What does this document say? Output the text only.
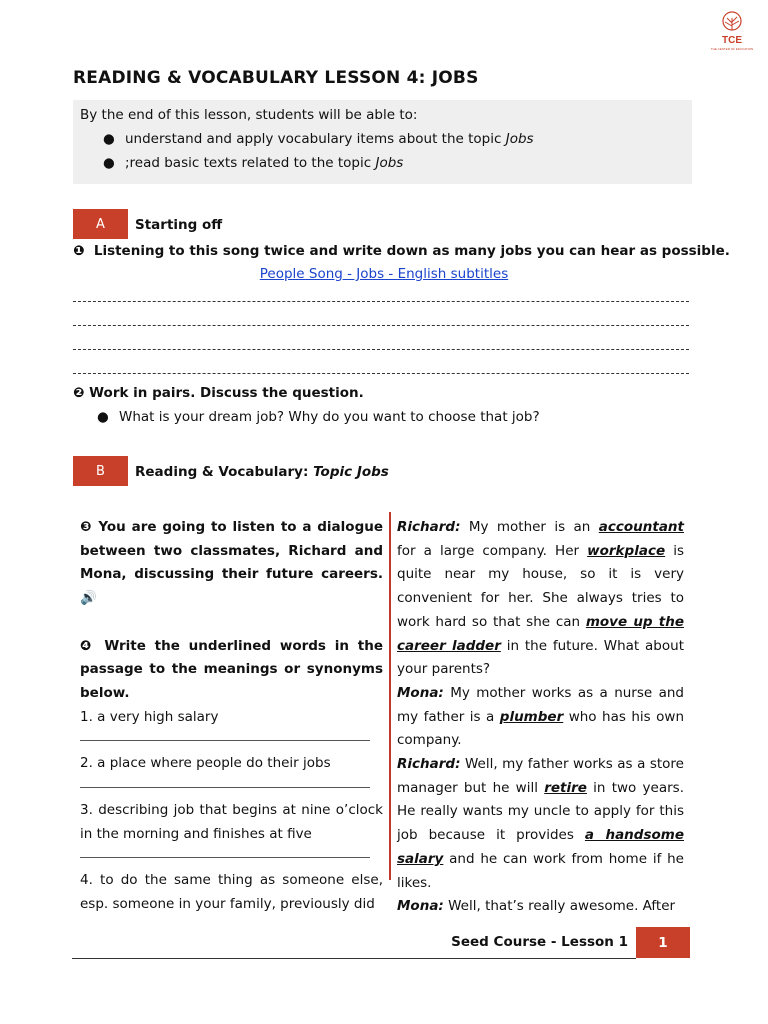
TCE
THE CENTER OF EDUCATION
READING & VOCABULARY LESSON 4: JOBS
By the end of this lesson, students will be able to:
● understand and apply vocabulary items about the topic Jobs
● ;read basic texts related to the topic Jobs
A	Starting off
❶ Listening to this song twice and write down as many jobs you can hear as possible.
People Song - Jobs - English subtitles
❷ Work in pairs. Discuss the question.
● What is your dream job? Why do you want to choose that job?
B	Reading & Vocabulary: Topic Jobs
❸ You are going to listen to a dialogue between two classmates, Richard and Mona, discussing their future careers. 🔊
❹ Write the underlined words in the passage to the meanings or synonyms below.
1. a very high salary
2. a place where people do their jobs
3. describing job that begins at nine o’clock in the morning and finishes at five
4. to do the same thing as someone else, esp. someone in your family, previously did
Richard: My mother is an accountant for a large company. Her workplace is quite near my house, so it is very convenient for her. She always tries to work hard so that she can move up the career ladder in the future. What about your parents?
Mona: My mother works as a nurse and my father is a plumber who has his own company.
Richard: Well, my father works as a store manager but he will retire in two years. He really wants my uncle to apply for this job because it provides a handsome salary and he can work from home if he likes.
Mona: Well, that’s really awesome. After
Seed Course - Lesson 1	1
